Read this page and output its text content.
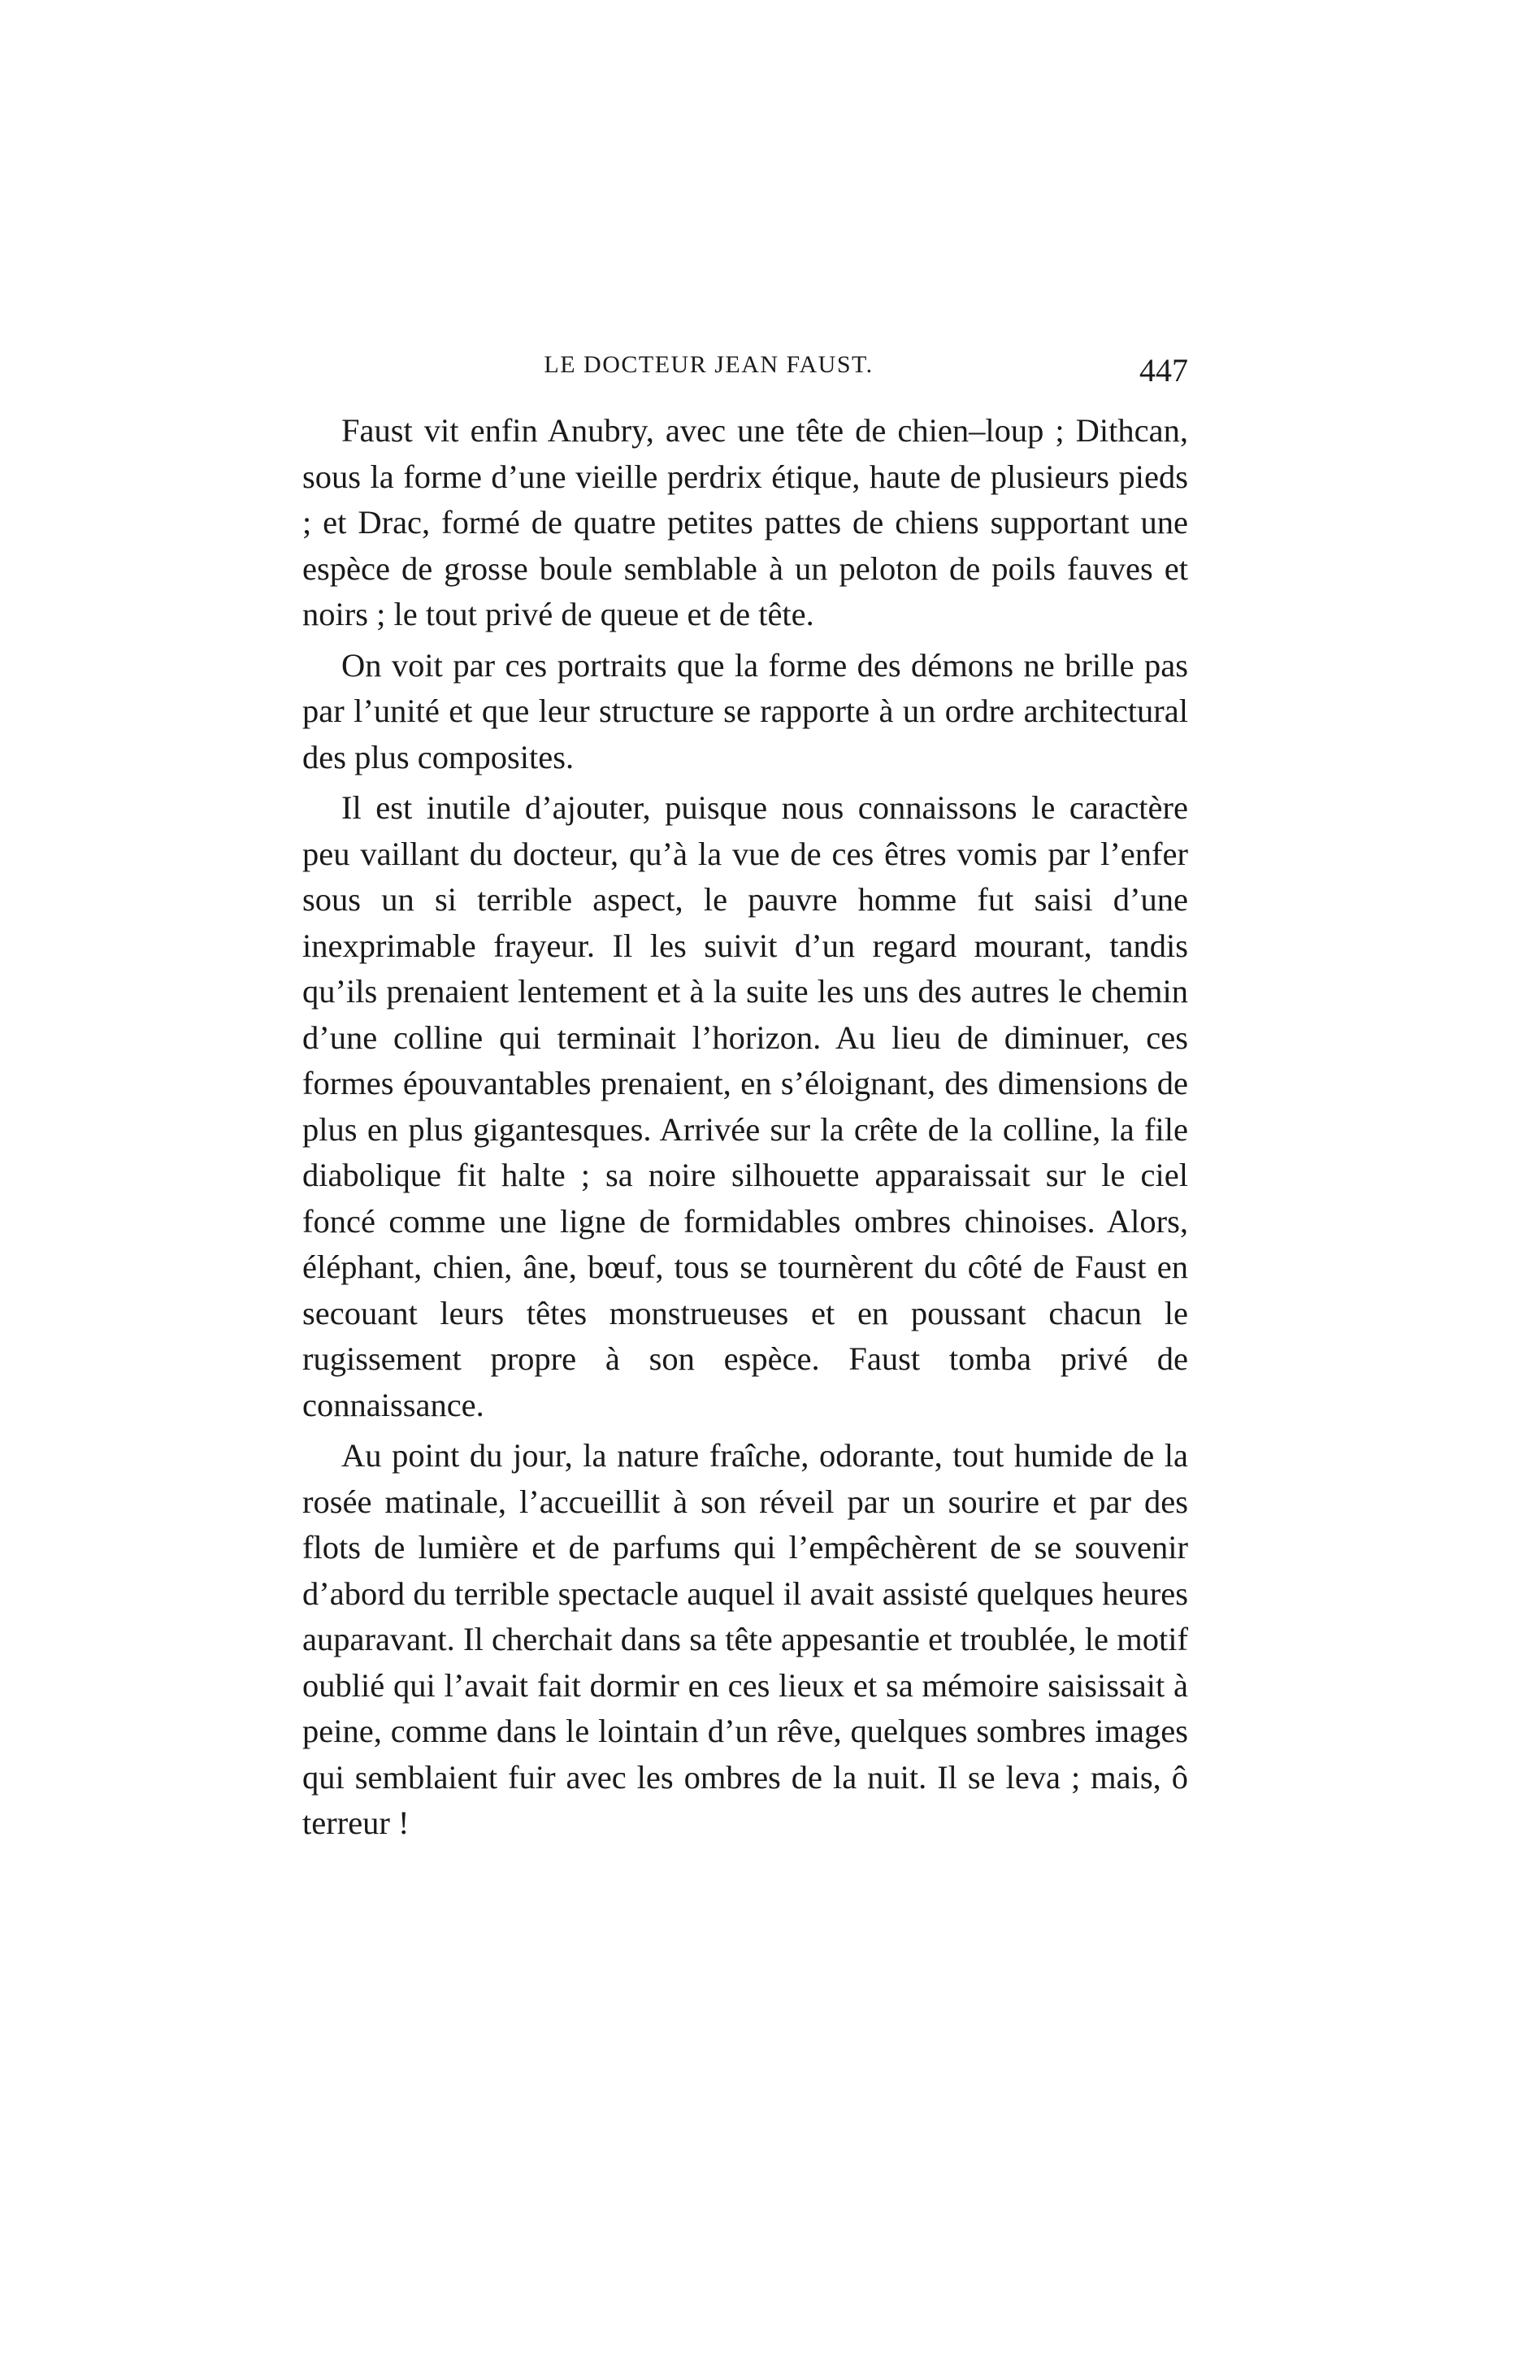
LE DOCTEUR JEAN FAUST.	447

Faust vit enfin Anubry, avec une tête de chien–loup ; Dithcan, sous la forme d’une vieille perdrix étique, haute de plusieurs pieds ; et Drac, formé de quatre petites pattes de chiens supportant une espèce de grosse boule semblable à un peloton de poils fauves et noirs ; le tout privé de queue et de tête.

On voit par ces portraits que la forme des démons ne brille pas par l’unité et que leur structure se rapporte à un ordre architectural des plus composites.

Il est inutile d’ajouter, puisque nous connaissons le caractère peu vaillant du docteur, qu’à la vue de ces êtres vomis par l’enfer sous un si terrible aspect, le pauvre homme fut saisi d’une inexprimable frayeur. Il les suivit d’un regard mourant, tandis qu’ils prenaient lentement et à la suite les uns des autres le chemin d’une colline qui terminait l’horizon. Au lieu de diminuer, ces formes épouvantables prenaient, en s’éloignant, des dimensions de plus en plus gigantesques. Arrivée sur la crête de la colline, la file diabolique fit halte ; sa noire silhouette apparaissait sur le ciel foncé comme une ligne de formidables ombres chinoises. Alors, éléphant, chien, âne, bœuf, tous se tournèrent du côté de Faust en secouant leurs têtes monstrueuses et en poussant chacun le rugissement propre à son espèce. Faust tomba privé de connaissance.

Au point du jour, la nature fraîche, odorante, tout humide de la rosée matinale, l’accueillit à son réveil par un sourire et par des flots de lumière et de parfums qui l’empêchèrent de se souvenir d’abord du terrible spectacle auquel il avait assisté quelques heures auparavant. Il cherchait dans sa tête appesantie et troublée, le motif oublié qui l’avait fait dormir en ces lieux et sa mémoire saisissait à peine, comme dans le lointain d’un rêve, quelques sombres images qui semblaient fuir avec les ombres de la nuit. Il se leva ; mais, ô terreur !
